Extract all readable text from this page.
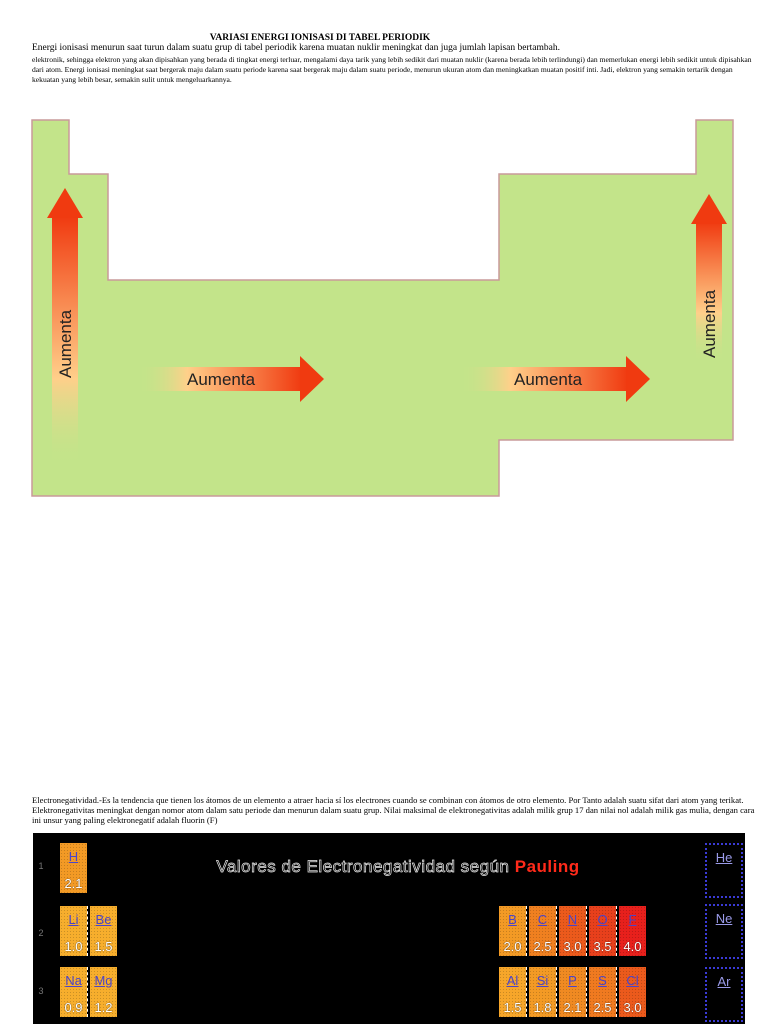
VARIASI ENERGI IONISASI DI TABEL PERIODIK
Energi ionisasi menurun saat turun dalam suatu grup di tabel periodik karena muatan nuklir meningkat dan juga jumlah lapisan bertambah.
elektronik, sehingga elektron yang akan dipisahkan yang berada di tingkat energi terluar, mengalami daya tarik yang lebih sedikit dari muatan nuklir (karena berada lebih terlindungi) dan memerlukan energi lebih sedikit untuk dipisahkan dari atom. Energi ionisasi meningkat saat bergerak maju dalam suatu periode karena saat bergerak maju dalam suatu periode, menurun ukuran atom dan meningkatkan muatan positif inti. Jadi, elektron yang semakin tertarik dengan kekuatan yang lebih besar, semakin sulit untuk mengeluarkannya.
Aumenta
Aumenta	Aumenta
Aumenta
Electronegatividad.-Es la tendencia que tienen los átomos de un elemento a atraer hacia sí los electrones cuando se combinan con átomos de otro elemento. Por Tanto adalah suatu sifat dari atom yang terikat. Elektronegativitas meningkat dengan nomor atom dalam satu periode dan menurun dalam suatu grup. Nilai maksimal de elektronegativitas adalah milik grup 17 dan nilai nol adalah milik gas mulia, dengan cara ini unsur yang paling elektronegatif adalah fluorin (F)
Valores de Electronegatividad según Pauling
1
2
3
H
2.1
Li
1.0
Be
1.5
Na
0.9
Mg
1.2
B
2.0
C
2.5
N
3.0
O
3.5
F
4.0
Al
1.5
Si
1.8
P
2.1
S
2.5
Cl
3.0
He
Ne
Ar
